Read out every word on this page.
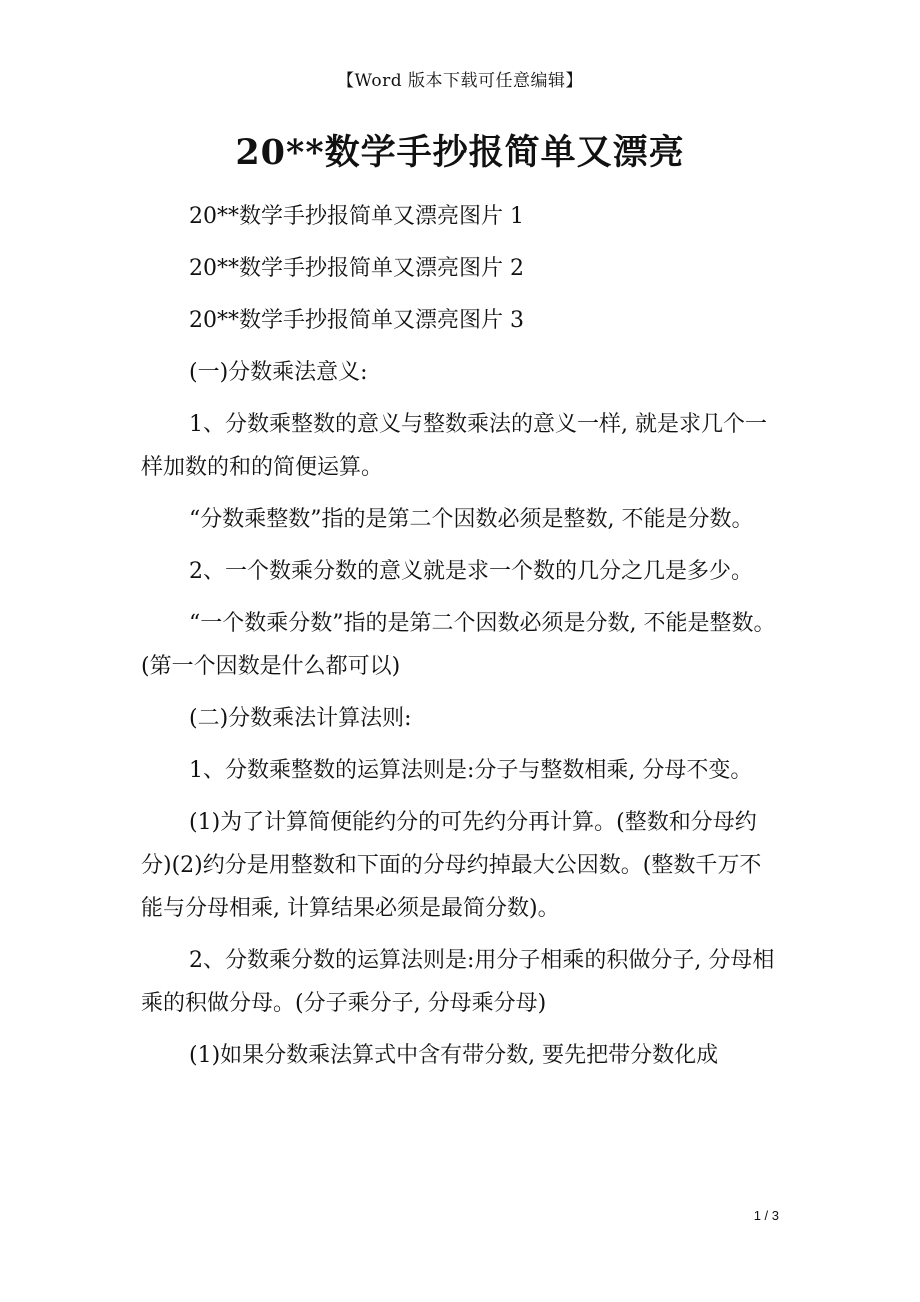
【Word 版本下载可任意编辑】
20**数学手抄报简单又漂亮

20**数学手抄报简单又漂亮图片 1

20**数学手抄报简单又漂亮图片 2

20**数学手抄报简单又漂亮图片 3

(一)分数乘法意义:

1、分数乘整数的意义与整数乘法的意义一样, 就是求几个一样加数的和的简便运算。

“分数乘整数”指的是第二个因数必须是整数, 不能是分数。

2、一个数乘分数的意义就是求一个数的几分之几是多少。

“一个数乘分数”指的是第二个因数必须是分数, 不能是整数。(第一个因数是什么都可以)

(二)分数乘法计算法则:

1、分数乘整数的运算法则是:分子与整数相乘, 分母不变。

(1)为了计算简便能约分的可先约分再计算。(整数和分母约分)(2)约分是用整数和下面的分母约掉最大公因数。(整数千万不能与分母相乘, 计算结果必须是最简分数)。

2、分数乘分数的运算法则是:用分子相乘的积做分子, 分母相乘的积做分母。(分子乘分子, 分母乘分母)

(1)如果分数乘法算式中含有带分数, 要先把带分数化成

1 / 3
